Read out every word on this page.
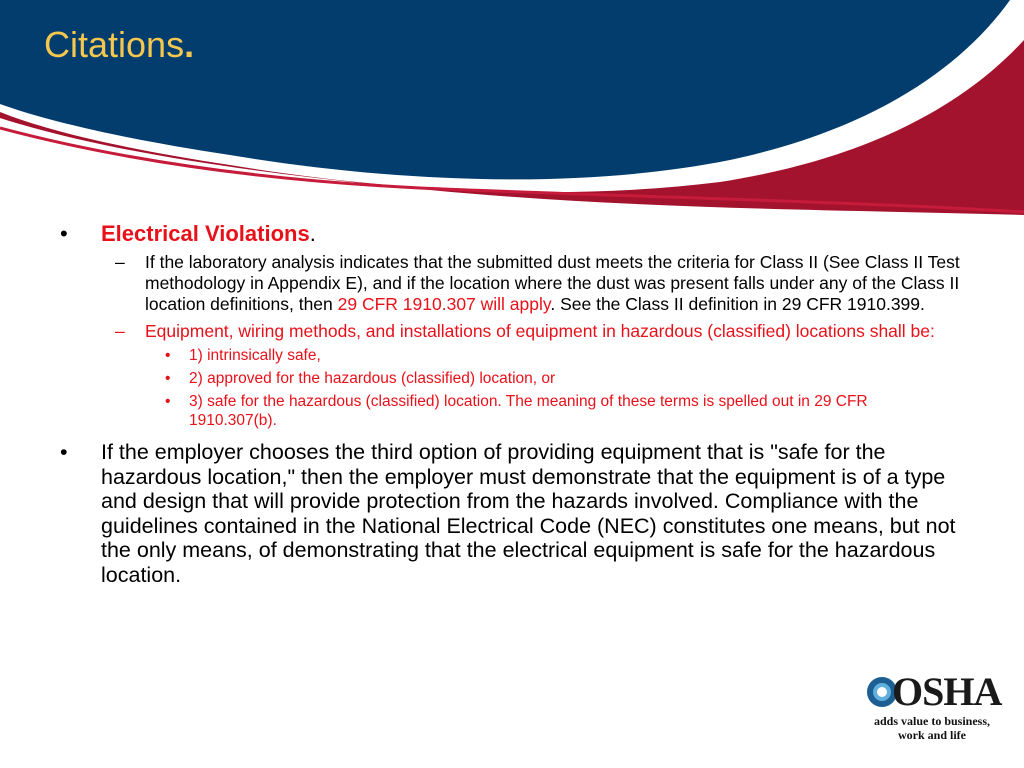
Citations.
• Electrical Violations.
– If the laboratory analysis indicates that the submitted dust meets the criteria for Class II (See Class II Test methodology in Appendix E), and if the location where the dust was present falls under any of the Class II location definitions, then 29 CFR 1910.307 will apply. See the Class II definition in 29 CFR 1910.399.
– Equipment, wiring methods, and installations of equipment in hazardous (classified) locations shall be:
• 1) intrinsically safe,
• 2) approved for the hazardous (classified) location, or
• 3) safe for the hazardous (classified) location. The meaning of these terms is spelled out in 29 CFR 1910.307(b).
• If the employer chooses the third option of providing equipment that is "safe for the hazardous location," then the employer must demonstrate that the equipment is of a type and design that will provide protection from the hazards involved. Compliance with the guidelines contained in the National Electrical Code (NEC) constitutes one means, but not the only means, of demonstrating that the electrical equipment is safe for the hazardous location.
OSHA
adds value to business,
work and life
